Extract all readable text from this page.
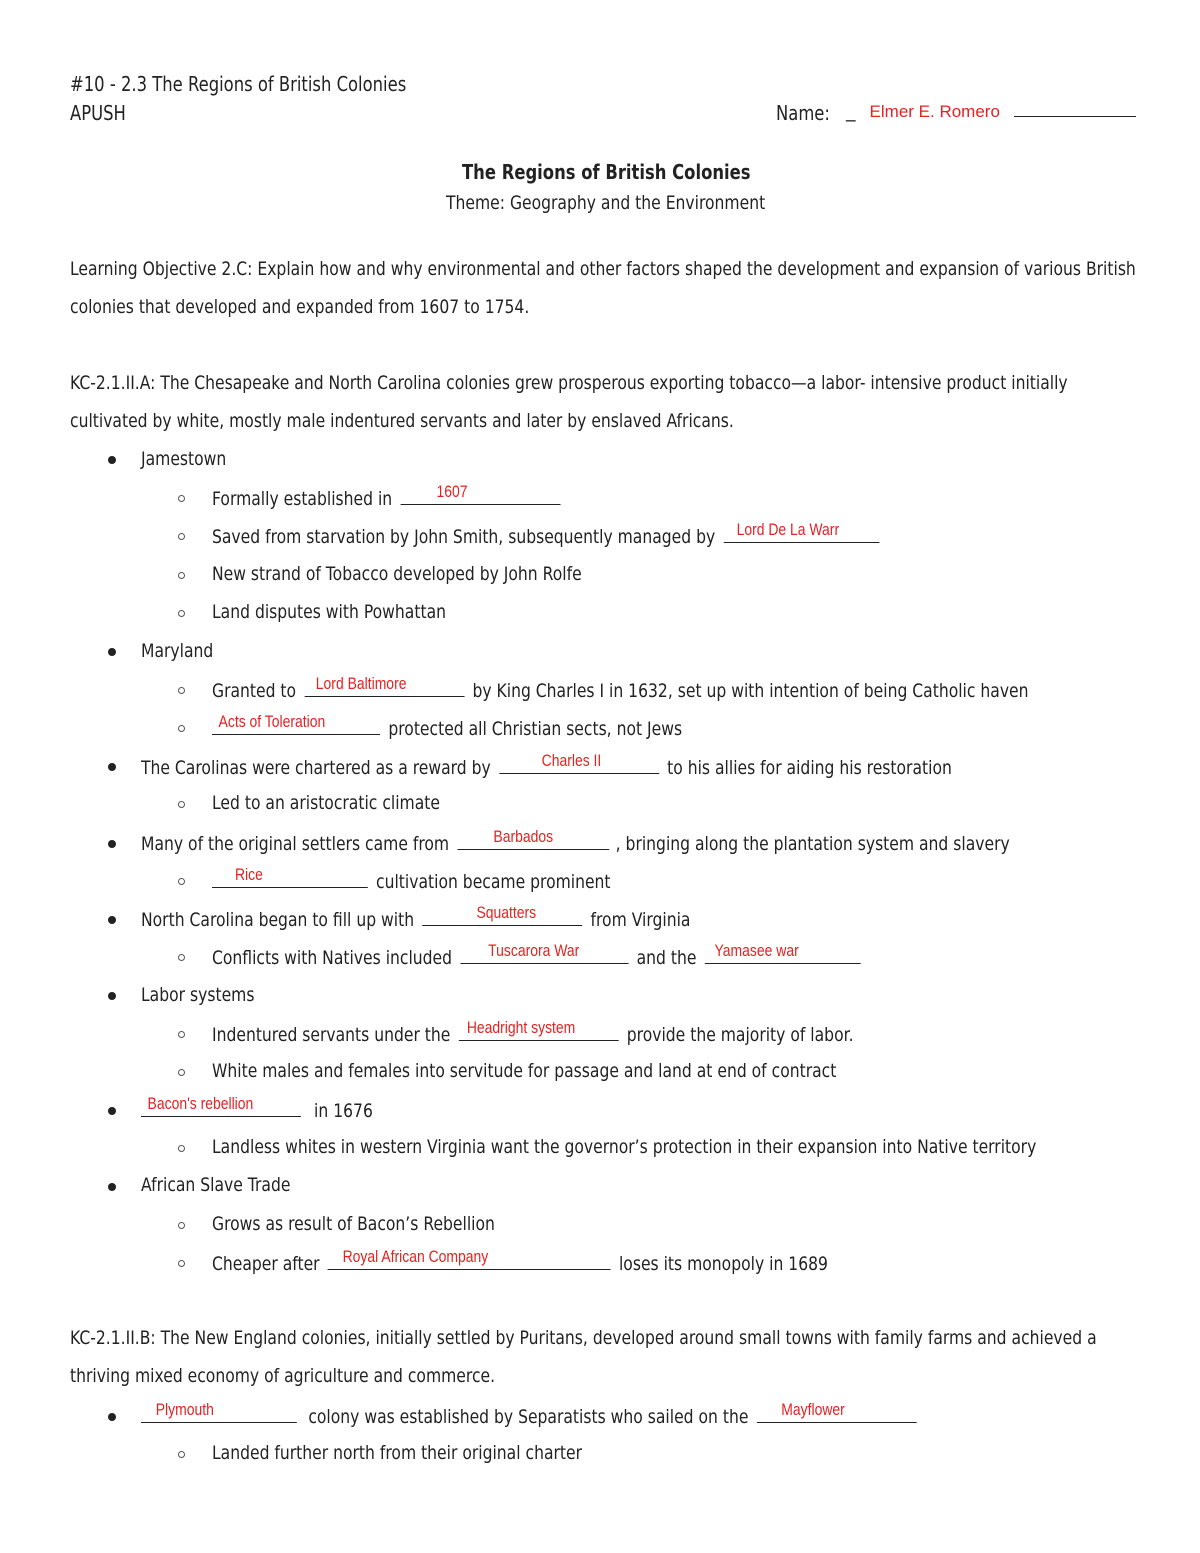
#10 - 2.3 The Regions of British Colonies
APUSH	Name: _ Elmer E. Romero
The Regions of British Colonies
Theme: Geography and the Environment
Learning Objective 2.C: Explain how and why environmental and other factors shaped the development and expansion of various British
colonies that developed and expanded from 1607 to 1754.
KC-2.1.II.A: The Chesapeake and North Carolina colonies grew prosperous exporting tobacco—a labor- intensive product initially
cultivated by white, mostly male indentured servants and later by enslaved Africans.
Jamestown
Formally established in	1607
Saved from starvation by John Smith, subsequently managed by Lord De La Warr
New strand of Tobacco developed by John Rolfe
Land disputes with Powhattan
Maryland
Granted to Lord Baltimore	by King Charles I in 1632, set up with intention of being Catholic haven
Acts of Toleration	protected all Christian sects, not Jews
The Carolinas were chartered as a reward by	Charles II	to his allies for aiding his restoration
Led to an aristocratic climate
Many of the original settlers came from	Barbados	, bringing along the plantation system and slavery
Rice	cultivation became prominent
North Carolina began to fill up with	Squatters	from Virginia
Conflicts with Natives included Tuscarora War	and the Yamasee war
Labor systems
Indentured servants under the Headright system	provide the majority of labor.
White males and females into servitude for passage and land at end of contract
Bacon's rebellion	in 1676
Landless whites in western Virginia want the governor’s protection in their expansion into Native territory
African Slave Trade
Grows as result of Bacon’s Rebellion
Cheaper after Royal African Company	loses its monopoly in 1689
KC-2.1.II.B: The New England colonies, initially settled by Puritans, developed around small towns with family farms and achieved a
thriving mixed economy of agriculture and commerce.
Plymouth	colony was established by Separatists who sailed on the Mayflower
Landed further north from their original charter
